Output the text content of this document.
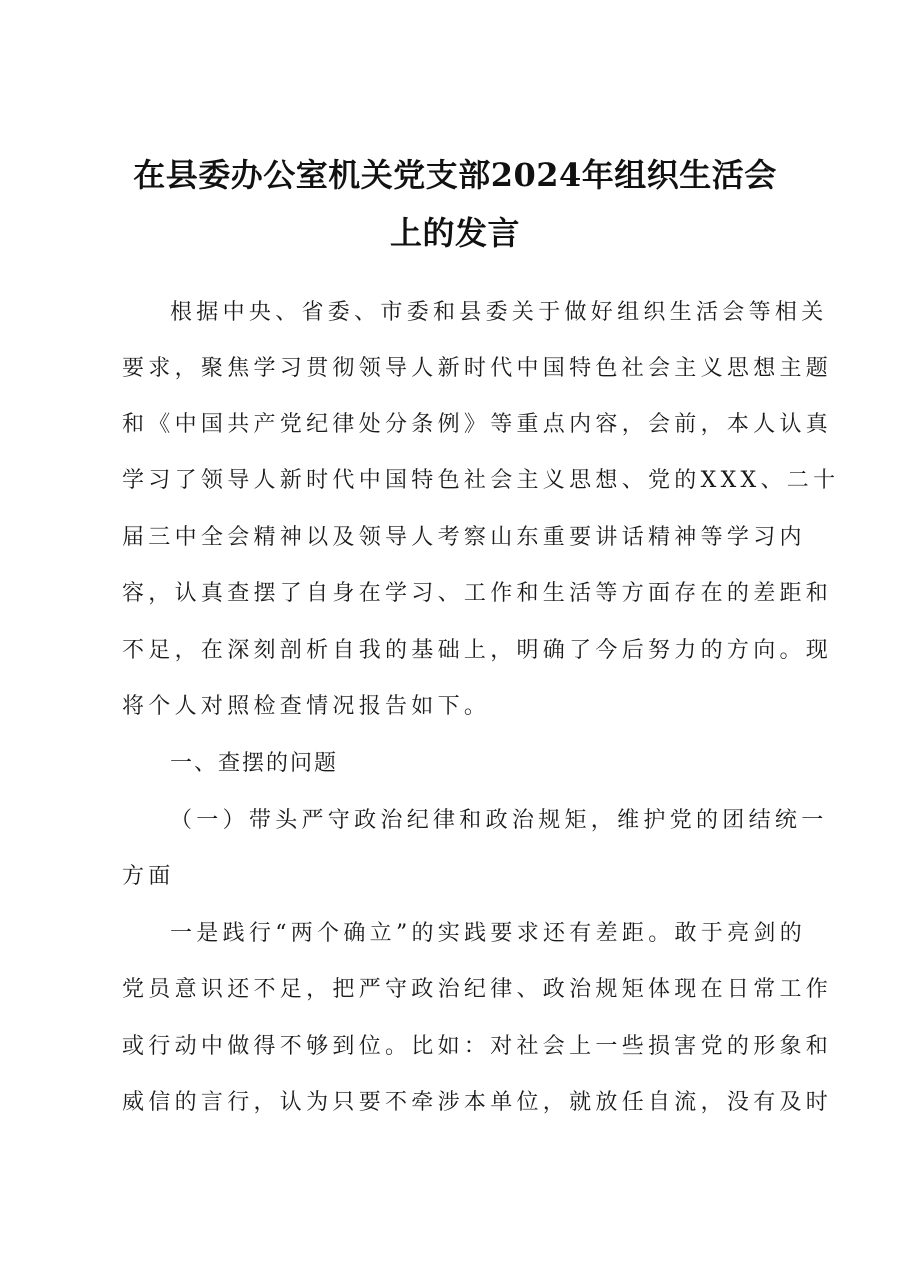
在县委办公室机关党支部2024年组织生活会
上的发言

根据中央、省委、市委和县委关于做好组织生活会等相关

要求，聚焦学习贯彻领导人新时代中国特色社会主义思想主题

和《中国共产党纪律处分条例》等重点内容，会前，本人认真

学习了领导人新时代中国特色社会主义思想、党的XXX、二十

届三中全会精神以及领导人考察山东重要讲话精神等学习内

容，认真查摆了自身在学习、工作和生活等方面存在的差距和

不足，在深刻剖析自我的基础上，明确了今后努力的方向。现

将个人对照检查情况报告如下。

一、查摆的问题

（一）带头严守政治纪律和政治规矩，维护党的团结统一

方面

一是践行“两个确立”的实践要求还有差距。敢于亮剑的

党员意识还不足，把严守政治纪律、政治规矩体现在日常工作

或行动中做得不够到位。比如：对社会上一些损害党的形象和

威信的言行，认为只要不牵涉本单位，就放任自流，没有及时
